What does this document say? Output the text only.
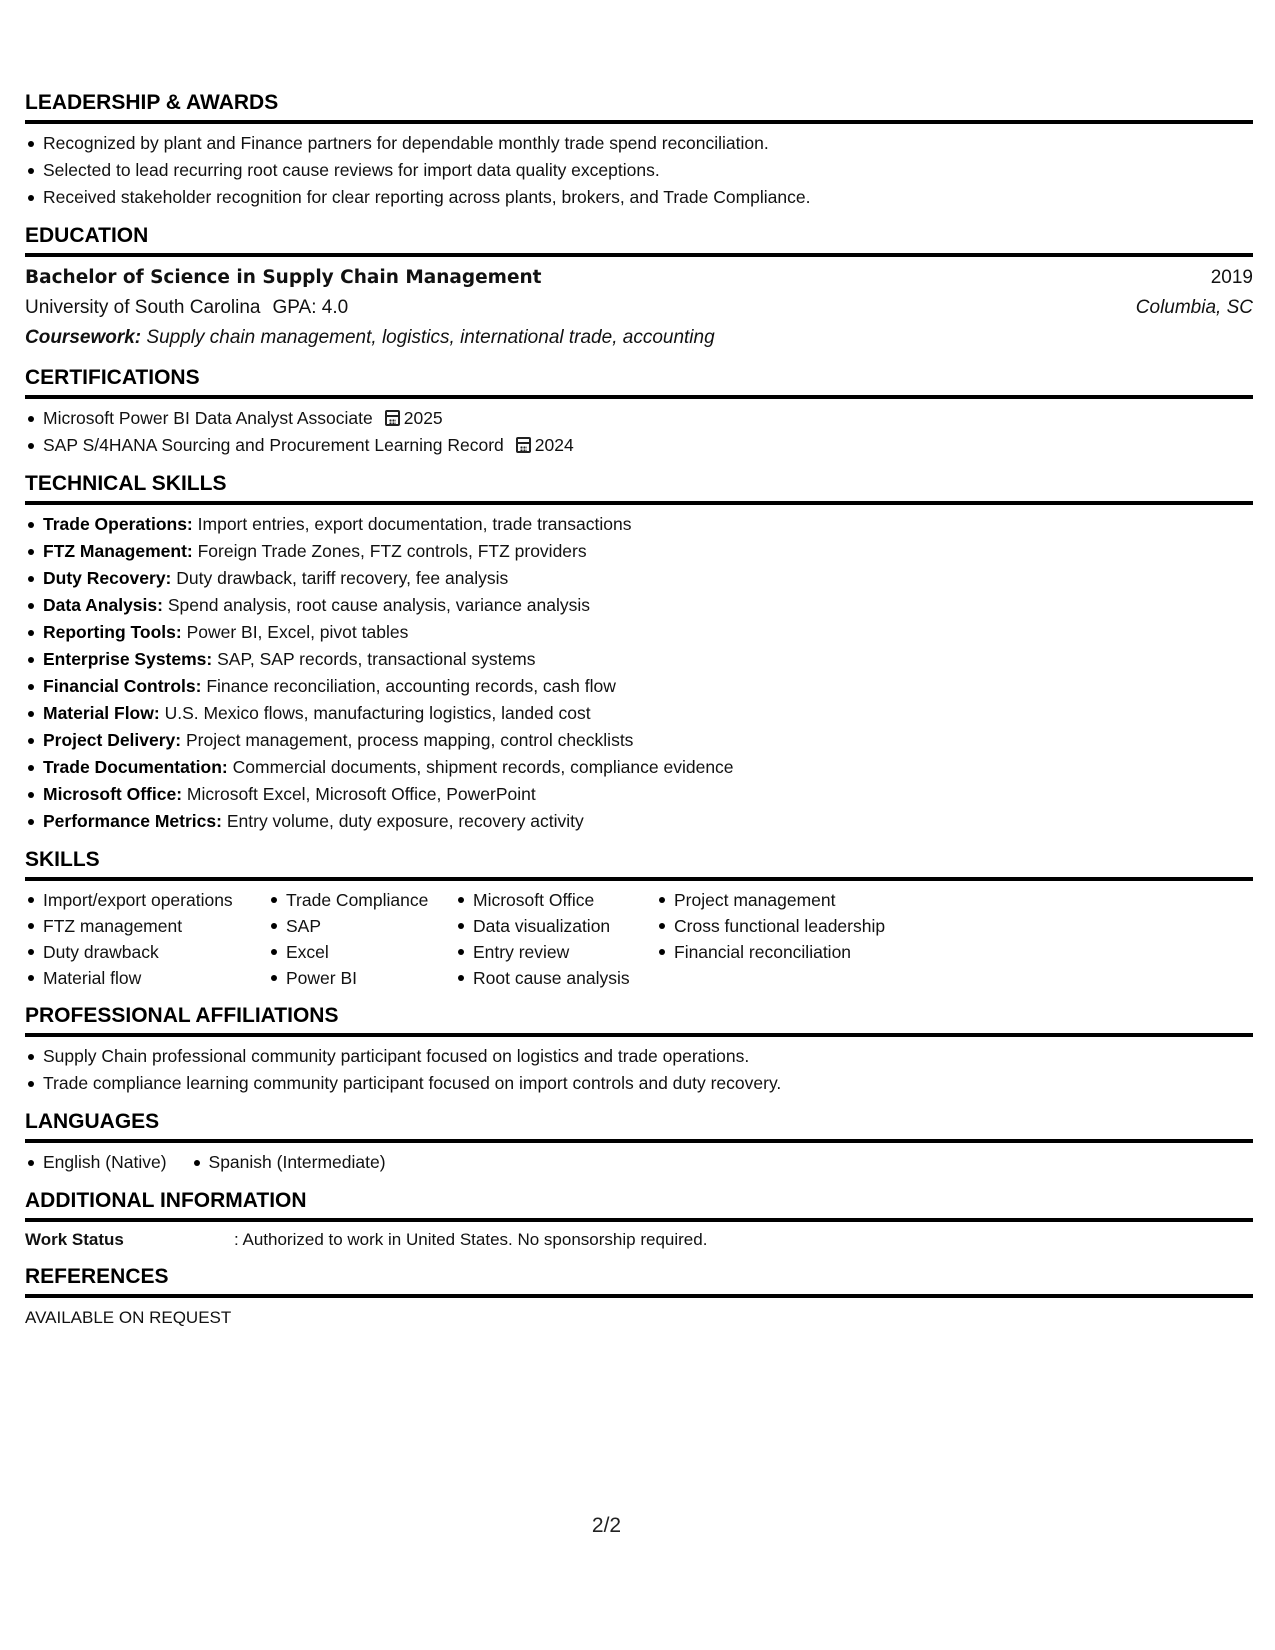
LEADERSHIP & AWARDS
Recognized by plant and Finance partners for dependable monthly trade spend reconciliation.
Selected to lead recurring root cause reviews for import data quality exceptions.
Received stakeholder recognition for clear reporting across plants, brokers, and Trade Compliance.
EDUCATION
Bachelor of Science in Supply Chain Management	2019
University of South Carolina GPA: 4.0	Columbia, SC
Coursework: Supply chain management, logistics, international trade, accounting
CERTIFICATIONS
Microsoft Power BI Data Analyst Associate 2025
SAP S/4HANA Sourcing and Procurement Learning Record 2024
TECHNICAL SKILLS
Trade Operations: Import entries, export documentation, trade transactions
FTZ Management: Foreign Trade Zones, FTZ controls, FTZ providers
Duty Recovery: Duty drawback, tariff recovery, fee analysis
Data Analysis: Spend analysis, root cause analysis, variance analysis
Reporting Tools: Power BI, Excel, pivot tables
Enterprise Systems: SAP, SAP records, transactional systems
Financial Controls: Finance reconciliation, accounting records, cash flow
Material Flow: U.S. Mexico flows, manufacturing logistics, landed cost
Project Delivery: Project management, process mapping, control checklists
Trade Documentation: Commercial documents, shipment records, compliance evidence
Microsoft Office: Microsoft Excel, Microsoft Office, PowerPoint
Performance Metrics: Entry volume, duty exposure, recovery activity
SKILLS
Import/export operations
FTZ management
Duty drawback
Material flow
Trade Compliance
SAP
Excel
Power BI
Microsoft Office
Data visualization
Entry review
Root cause analysis
Project management
Cross functional leadership
Financial reconciliation
PROFESSIONAL AFFILIATIONS
Supply Chain professional community participant focused on logistics and trade operations.
Trade compliance learning community participant focused on import controls and duty recovery.
LANGUAGES
English (Native)	Spanish (Intermediate)
ADDITIONAL INFORMATION
Work Status	: Authorized to work in United States. No sponsorship required.
REFERENCES
AVAILABLE ON REQUEST
2/2
